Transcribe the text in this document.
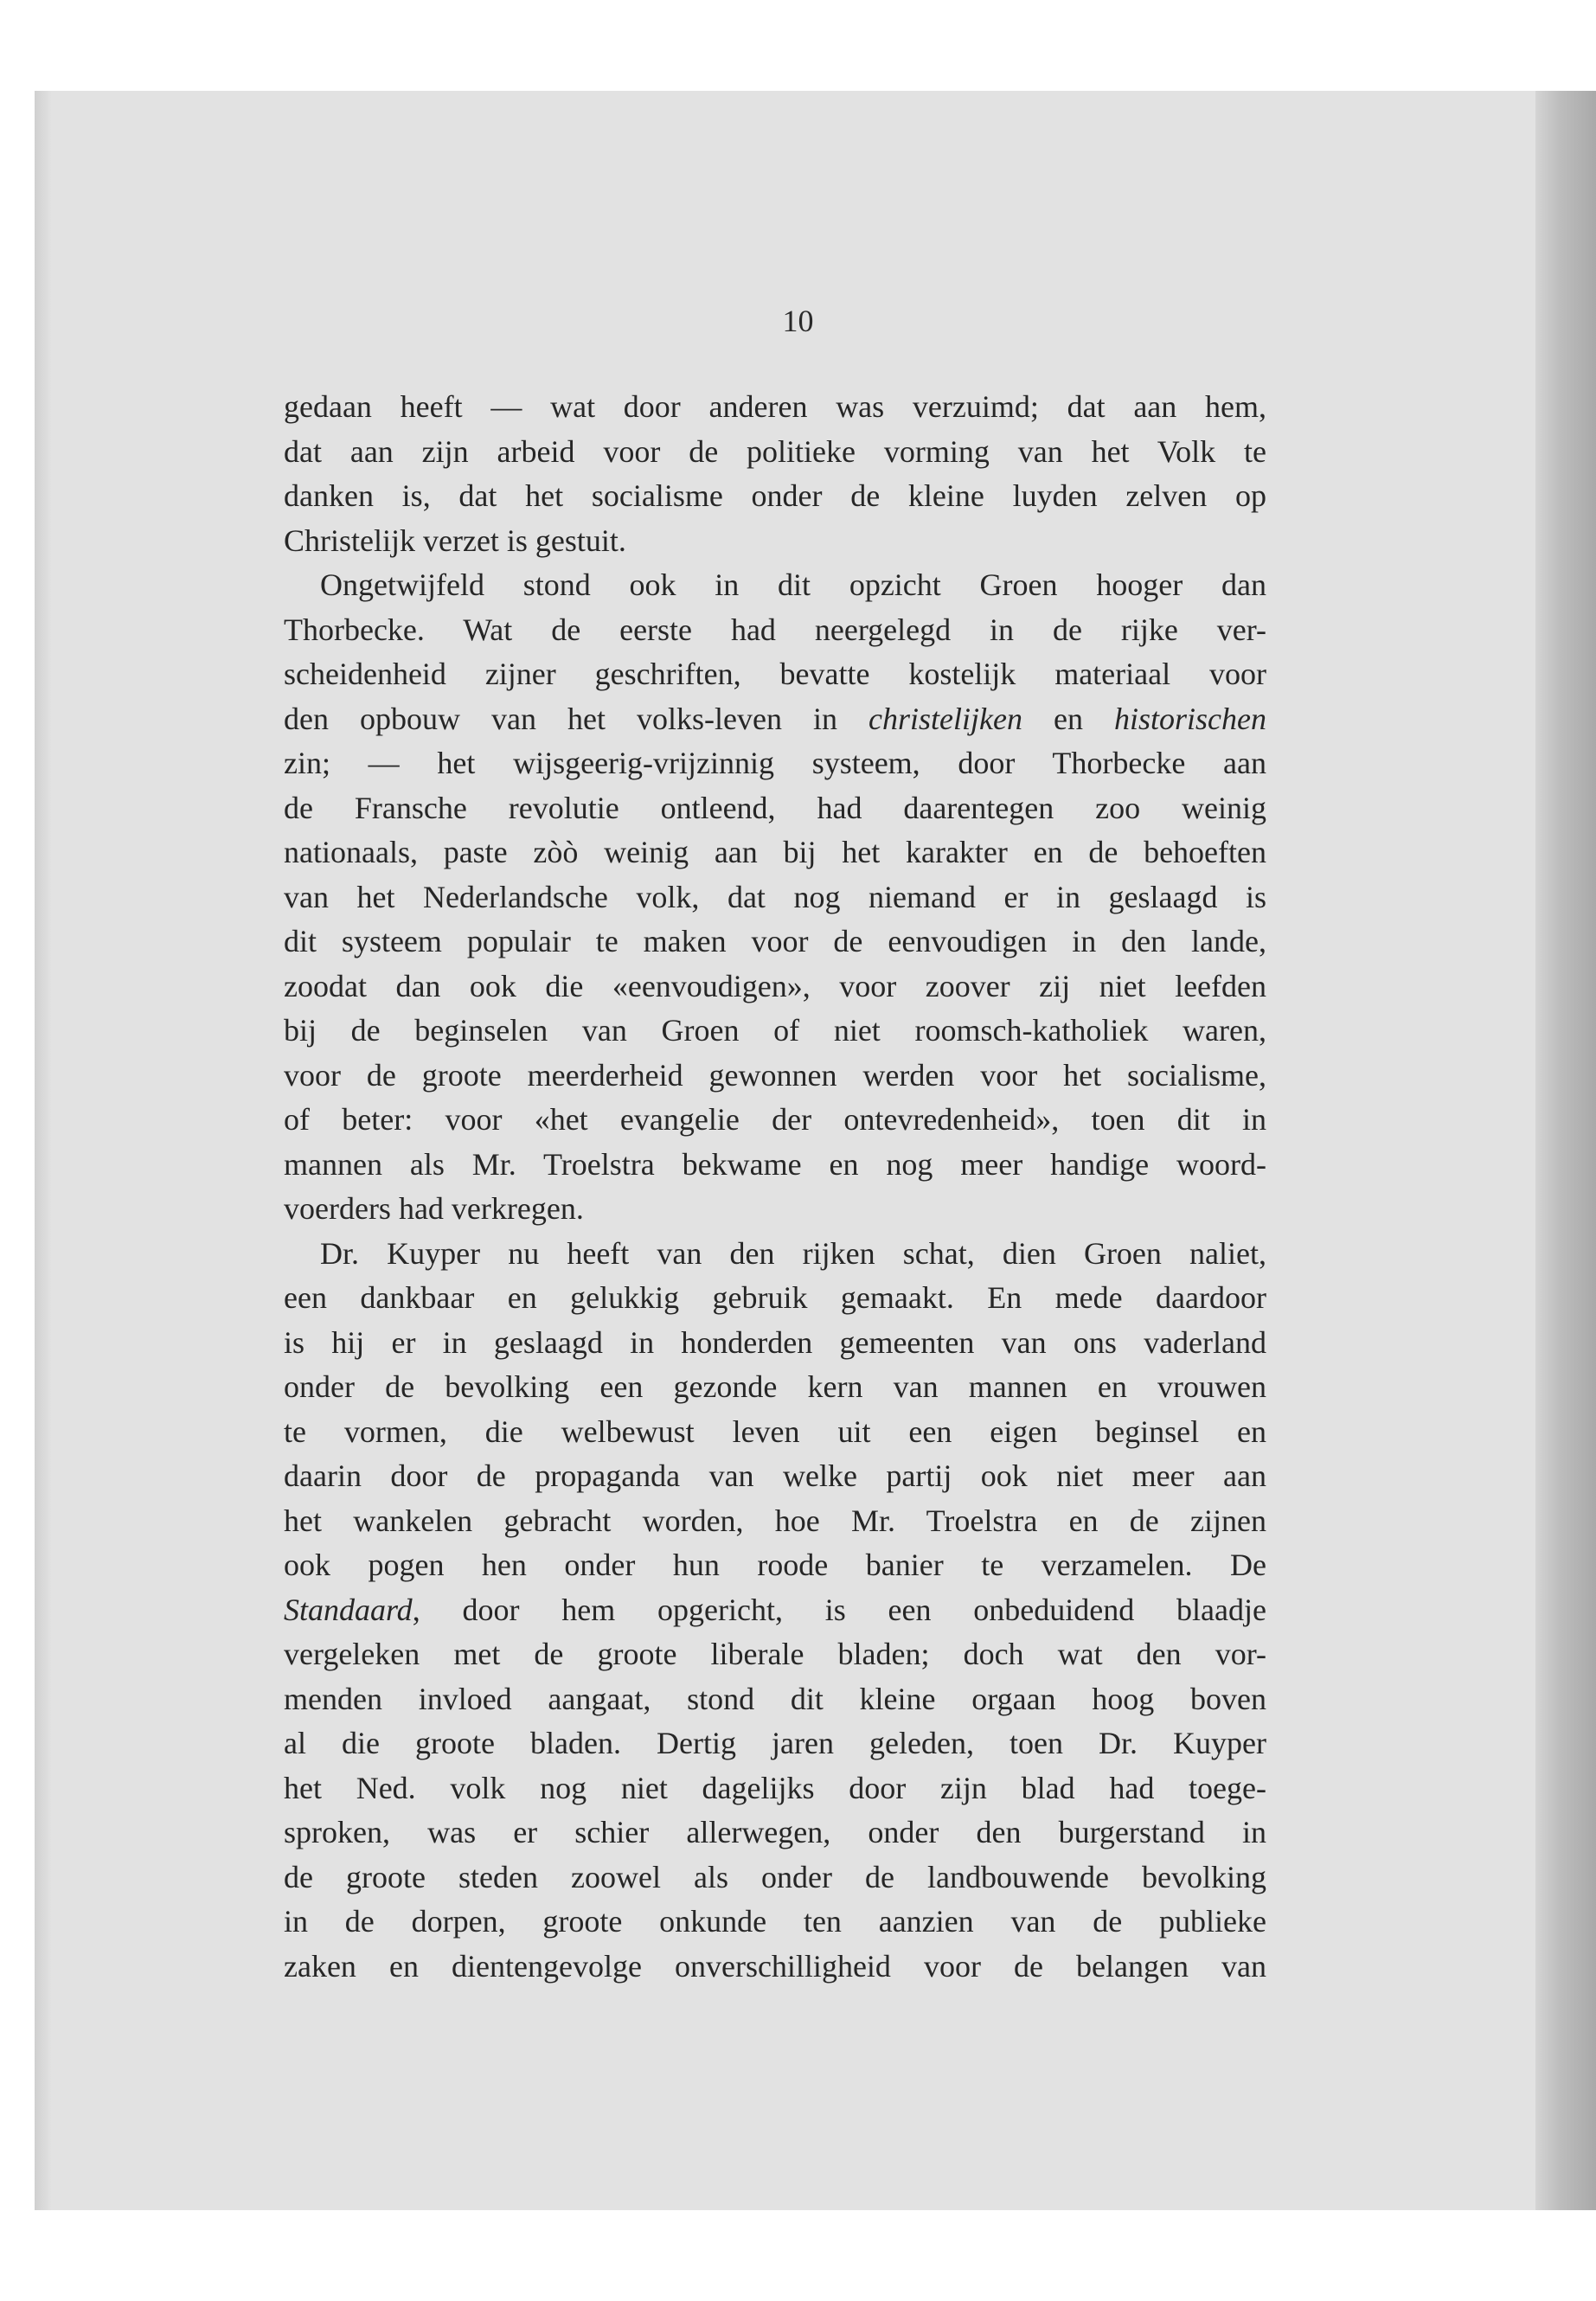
10
gedaan heeft — wat door anderen was verzuimd; dat aan hem,
dat aan zijn arbeid voor de politieke vorming van het Volk te
danken is, dat het socialisme onder de kleine luyden zelven op
Christelijk verzet is gestuit.
Ongetwijfeld stond ook in dit opzicht Groen hooger dan
Thorbecke. Wat de eerste had neergelegd in de rijke ver-
scheidenheid zijner geschriften, bevatte kostelijk materiaal voor
den opbouw van het volks-leven in christelijken en historischen
zin; — het wijsgeerig-vrijzinnig systeem, door Thorbecke aan
de Fransche revolutie ontleend, had daarentegen zoo weinig
nationaals, paste zòò weinig aan bij het karakter en de behoeften
van het Nederlandsche volk, dat nog niemand er in geslaagd is
dit systeem populair te maken voor de eenvoudigen in den lande,
zoodat dan ook die «eenvoudigen», voor zoover zij niet leefden
bij de beginselen van Groen of niet roomsch-katholiek waren,
voor de groote meerderheid gewonnen werden voor het socialisme,
of beter: voor «het evangelie der ontevredenheid», toen dit in
mannen als Mr. Troelstra bekwame en nog meer handige woord-
voerders had verkregen.
Dr. Kuyper nu heeft van den rijken schat, dien Groen naliet,
een dankbaar en gelukkig gebruik gemaakt. En mede daardoor
is hij er in geslaagd in honderden gemeenten van ons vaderland
onder de bevolking een gezonde kern van mannen en vrouwen
te vormen, die welbewust leven uit een eigen beginsel en
daarin door de propaganda van welke partij ook niet meer aan
het wankelen gebracht worden, hoe Mr. Troelstra en de zijnen
ook pogen hen onder hun roode banier te verzamelen. De
Standaard, door hem opgericht, is een onbeduidend blaadje
vergeleken met de groote liberale bladen; doch wat den vor-
menden invloed aangaat, stond dit kleine orgaan hoog boven
al die groote bladen. Dertig jaren geleden, toen Dr. Kuyper
het Ned. volk nog niet dagelijks door zijn blad had toege-
sproken, was er schier allerwegen, onder den burgerstand in
de groote steden zoowel als onder de landbouwende bevolking
in de dorpen, groote onkunde ten aanzien van de publieke
zaken en dientengevolge onverschilligheid voor de belangen van
